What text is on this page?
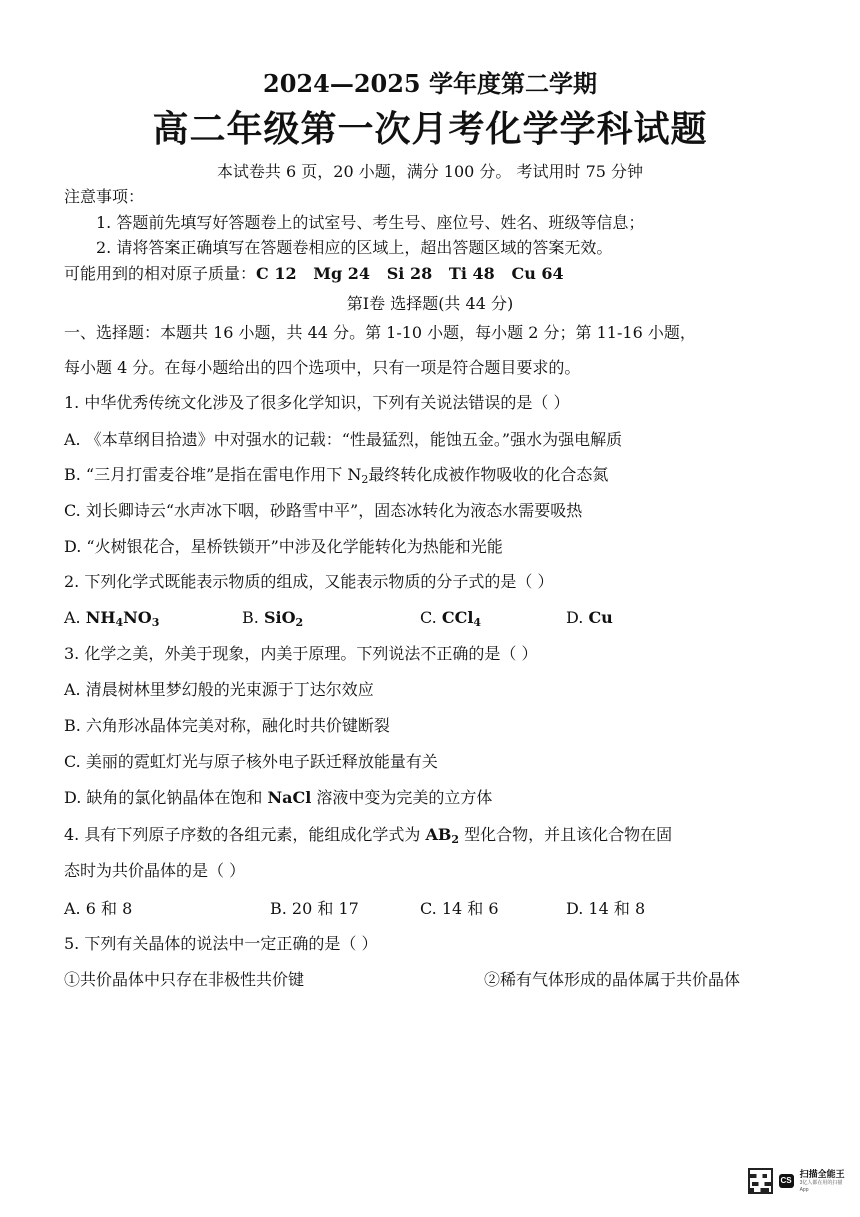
2024—2025 学年度第二学期
高二年级第一次月考化学学科试题
本试卷共 6 页，20 小题，满分 100 分。 考试用时 75 分钟
注意事项：
1. 答题前先填写好答题卷上的试室号、考生号、座位号、姓名、班级等信息；
2. 请将答案正确填写在答题卷相应的区域上，超出答题区域的答案无效。
可能用到的相对原子质量：C 12   Mg 24   Si 28   Ti 48   Cu 64
第Ⅰ卷 选择题(共 44 分)
一、选择题：本题共 16 小题，共 44 分。第 1-10 小题，每小题 2 分；第 11-16 小题，
每小题 4 分。在每小题给出的四个选项中，只有一项是符合题目要求的。
1. 中华优秀传统文化涉及了很多化学知识，下列有关说法错误的是（ ）
A. 《本草纲目拾遗》中对强水的记载：“性最猛烈，能蚀五金。”强水为强电解质
B. “三月打雷麦谷堆”是指在雷电作用下 $N_2$最终转化成被作物吸收的化合态氮
C. 刘长卿诗云“水声冰下咽，砂路雪中平”，固态冰转化为液态水需要吸热
D. “火树银花合，星桥铁锁开”中涉及化学能转化为热能和光能
2. 下列化学式既能表示物质的组成，又能表示物质的分子式的是（ ）
A. $NH_4NO_3$	B. SiO$_2$	C. CCl$_4$	D. Cu
3. 化学之美，外美于现象，内美于原理。下列说法不正确的是（ ）
A. 清晨树林里梦幻般的光束源于丁达尔效应
B. 六角形冰晶体完美对称，融化时共价键断裂
C. 美丽的霓虹灯光与原子核外电子跃迁释放能量有关
D. 缺角的氯化钠晶体在饱和 NaCl 溶液中变为完美的立方体
4. 具有下列原子序数的各组元素，能组成化学式为 $AB_2$ 型化合物，并且该化合物在固
态时为共价晶体的是（ ）
A. 6 和 8	B. 20 和 17	C. 14 和 6	D. 14 和 8
5. 下列有关晶体的说法中一定正确的是（ ）
①共价晶体中只存在非极性共价键	②稀有气体形成的晶体属于共价晶体
CS
扫描全能王
3亿人都在用的扫描App
